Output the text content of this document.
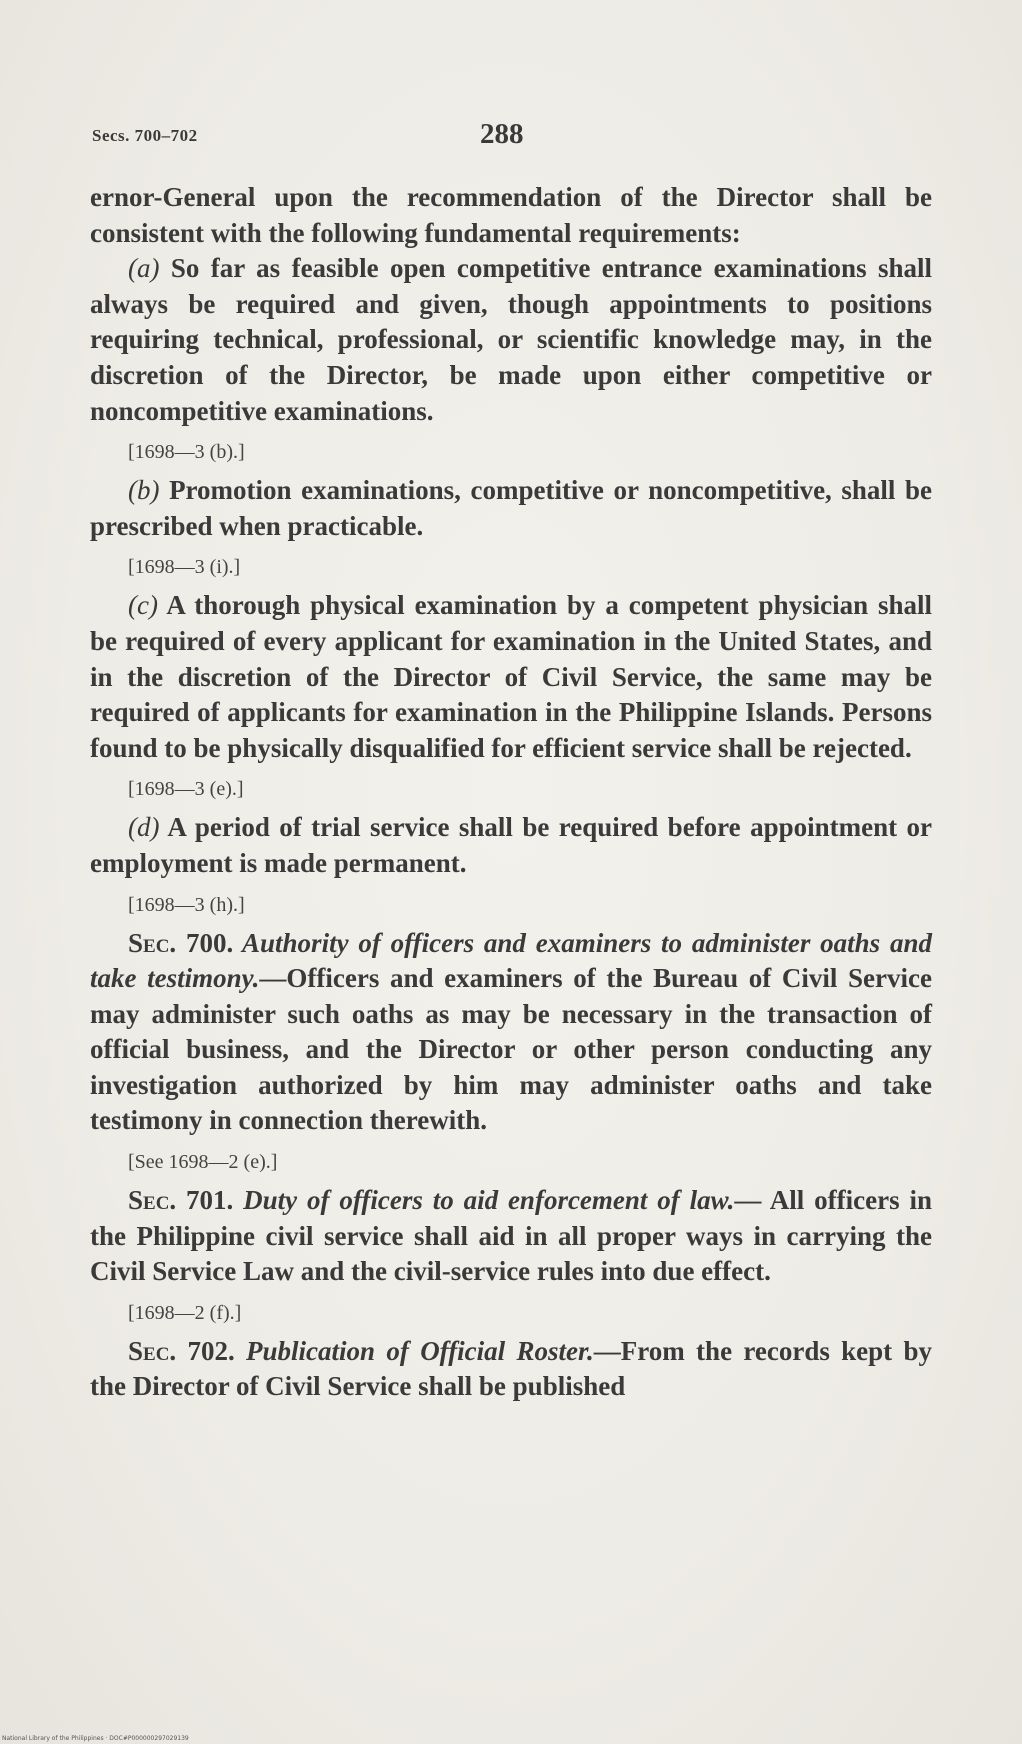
Secs. 700–702	288

ernor-General upon the recommendation of the Director shall be consistent with the following fundamental requirements:

(a) So far as feasible open competitive entrance examinations shall always be required and given, though appointments to positions requiring technical, professional, or scientific knowledge may, in the discretion of the Director, be made upon either competitive or noncompetitive examinations.

[1698—3 (b).]

(b) Promotion examinations, competitive or noncompetitive, shall be prescribed when practicable.

[1698—3 (i).]

(c) A thorough physical examination by a competent physician shall be required of every applicant for examination in the United States, and in the discretion of the Director of Civil Service, the same may be required of applicants for examination in the Philippine Islands. Persons found to be physically disqualified for efficient service shall be rejected.

[1698—3 (e).]

(d) A period of trial service shall be required before appointment or employment is made permanent.

[1698—3 (h).]

Sec. 700. Authority of officers and examiners to administer oaths and take testimony.—Officers and examiners of the Bureau of Civil Service may administer such oaths as may be necessary in the transaction of official business, and the Director or other person conducting any investigation authorized by him may administer oaths and take testimony in connection therewith.

[See 1698—2 (e).]

Sec. 701. Duty of officers to aid enforcement of law.— All officers in the Philippine civil service shall aid in all proper ways in carrying the Civil Service Law and the civil-service rules into due effect.

[1698—2 (f).]

Sec. 702. Publication of Official Roster.—From the records kept by the Director of Civil Service shall be published

National Library of the Philippines · DOC#P000000297029139
